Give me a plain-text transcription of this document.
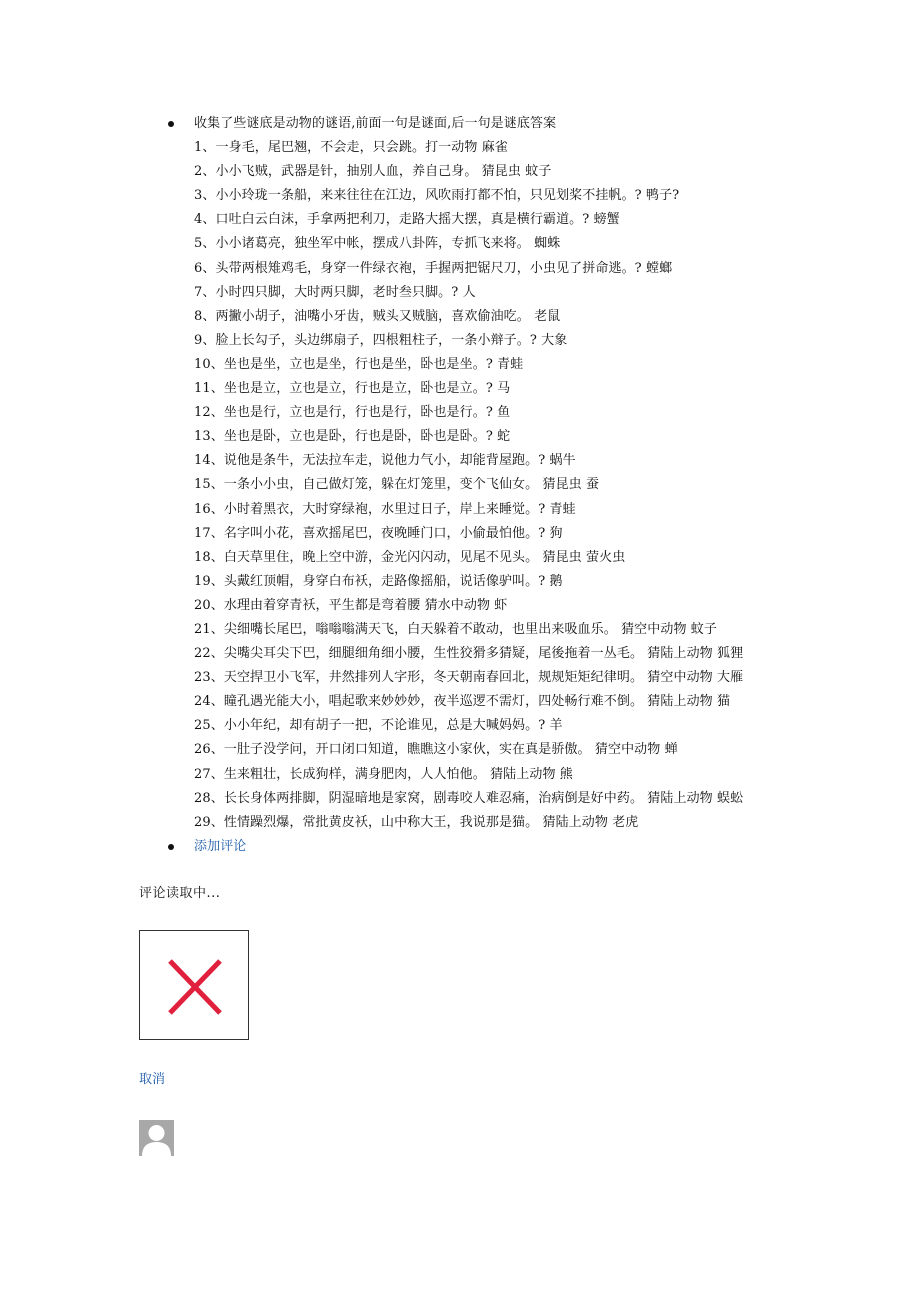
收集了些谜底是动物的谜语,前面一句是谜面,后一句是谜底答案
1、一身毛，尾巴翘，不会走，只会跳。打一动物 麻雀
2、小小飞贼，武器是针，抽别人血，养自己身。 猜昆虫 蚊子
3、小小玲珑一条船，来来往往在江边，风吹雨打都不怕，只见划桨不挂帆。? 鸭子?
4、口吐白云白沫，手拿两把利刀，走路大摇大摆，真是横行霸道。? 螃蟹
5、小小诸葛亮，独坐军中帐，摆成八卦阵，专抓飞来将。 蜘蛛
6、头带两根雉鸡毛，身穿一件绿衣袍，手握两把锯尺刀，小虫见了拼命逃。? 螳螂
7、小时四只脚，大时两只脚，老时叁只脚。? 人
8、两撇小胡子，油嘴小牙齿，贼头又贼脑，喜欢偷油吃。 老鼠
9、脸上长勾子，头边绑扇子，四根粗柱子，一条小辩子。? 大象
10、坐也是坐，立也是坐，行也是坐，卧也是坐。? 青蛙
11、坐也是立，立也是立，行也是立，卧也是立。? 马
12、坐也是行，立也是行，行也是行，卧也是行。? 鱼
13、坐也是卧，立也是卧，行也是卧，卧也是卧。? 蛇
14、说他是条牛，无法拉车走，说他力气小，却能背屋跑。? 蜗牛
15、一条小小虫，自己做灯笼，躲在灯笼里，变个飞仙女。 猜昆虫 蚕
16、小时着黑衣，大时穿绿袍，水里过日子，岸上来睡觉。? 青蛙
17、名字叫小花，喜欢摇尾巴，夜晚睡门口，小偷最怕他。? 狗
18、白天草里住，晚上空中游，金光闪闪动，见尾不见头。 猜昆虫 萤火虫
19、头戴红顶帽，身穿白布袄，走路像摇船，说话像驴叫。? 鹅
20、水理由着穿青袄，平生都是弯着腰 猜水中动物 虾
21、尖细嘴长尾巴，嗡嗡嗡满天飞，白天躲着不敢动，也里出来吸血乐。 猜空中动物 蚊子
22、尖嘴尖耳尖下巴，细腿细角细小腰，生性狡猾多猜疑，尾後拖着一丛毛。 猜陆上动物 狐狸
23、天空捍卫小飞军，井然排列人字形，冬天朝南春回北，规规矩矩纪律明。 猜空中动物 大雁
24、瞳孔遇光能大小，唱起歌来妙妙妙，夜半巡逻不需灯，四处畅行难不倒。 猜陆上动物 猫
25、小小年纪，却有胡子一把，不论谁见，总是大喊妈妈。? 羊
26、一肚子没学问，开口闭口知道，瞧瞧这小家伙，实在真是骄傲。 猜空中动物 蝉
27、生来粗壮，长成狗样，满身肥肉，人人怕他。 猜陆上动物 熊
28、长长身体两排脚，阴湿暗地是家窝，剧毒咬人难忍痛，治病倒是好中药。 猜陆上动物 蜈蚣
29、性情躁烈爆，常批黄皮袄，山中称大王，我说那是猫。 猜陆上动物 老虎
添加评论
评论读取中...
取消
